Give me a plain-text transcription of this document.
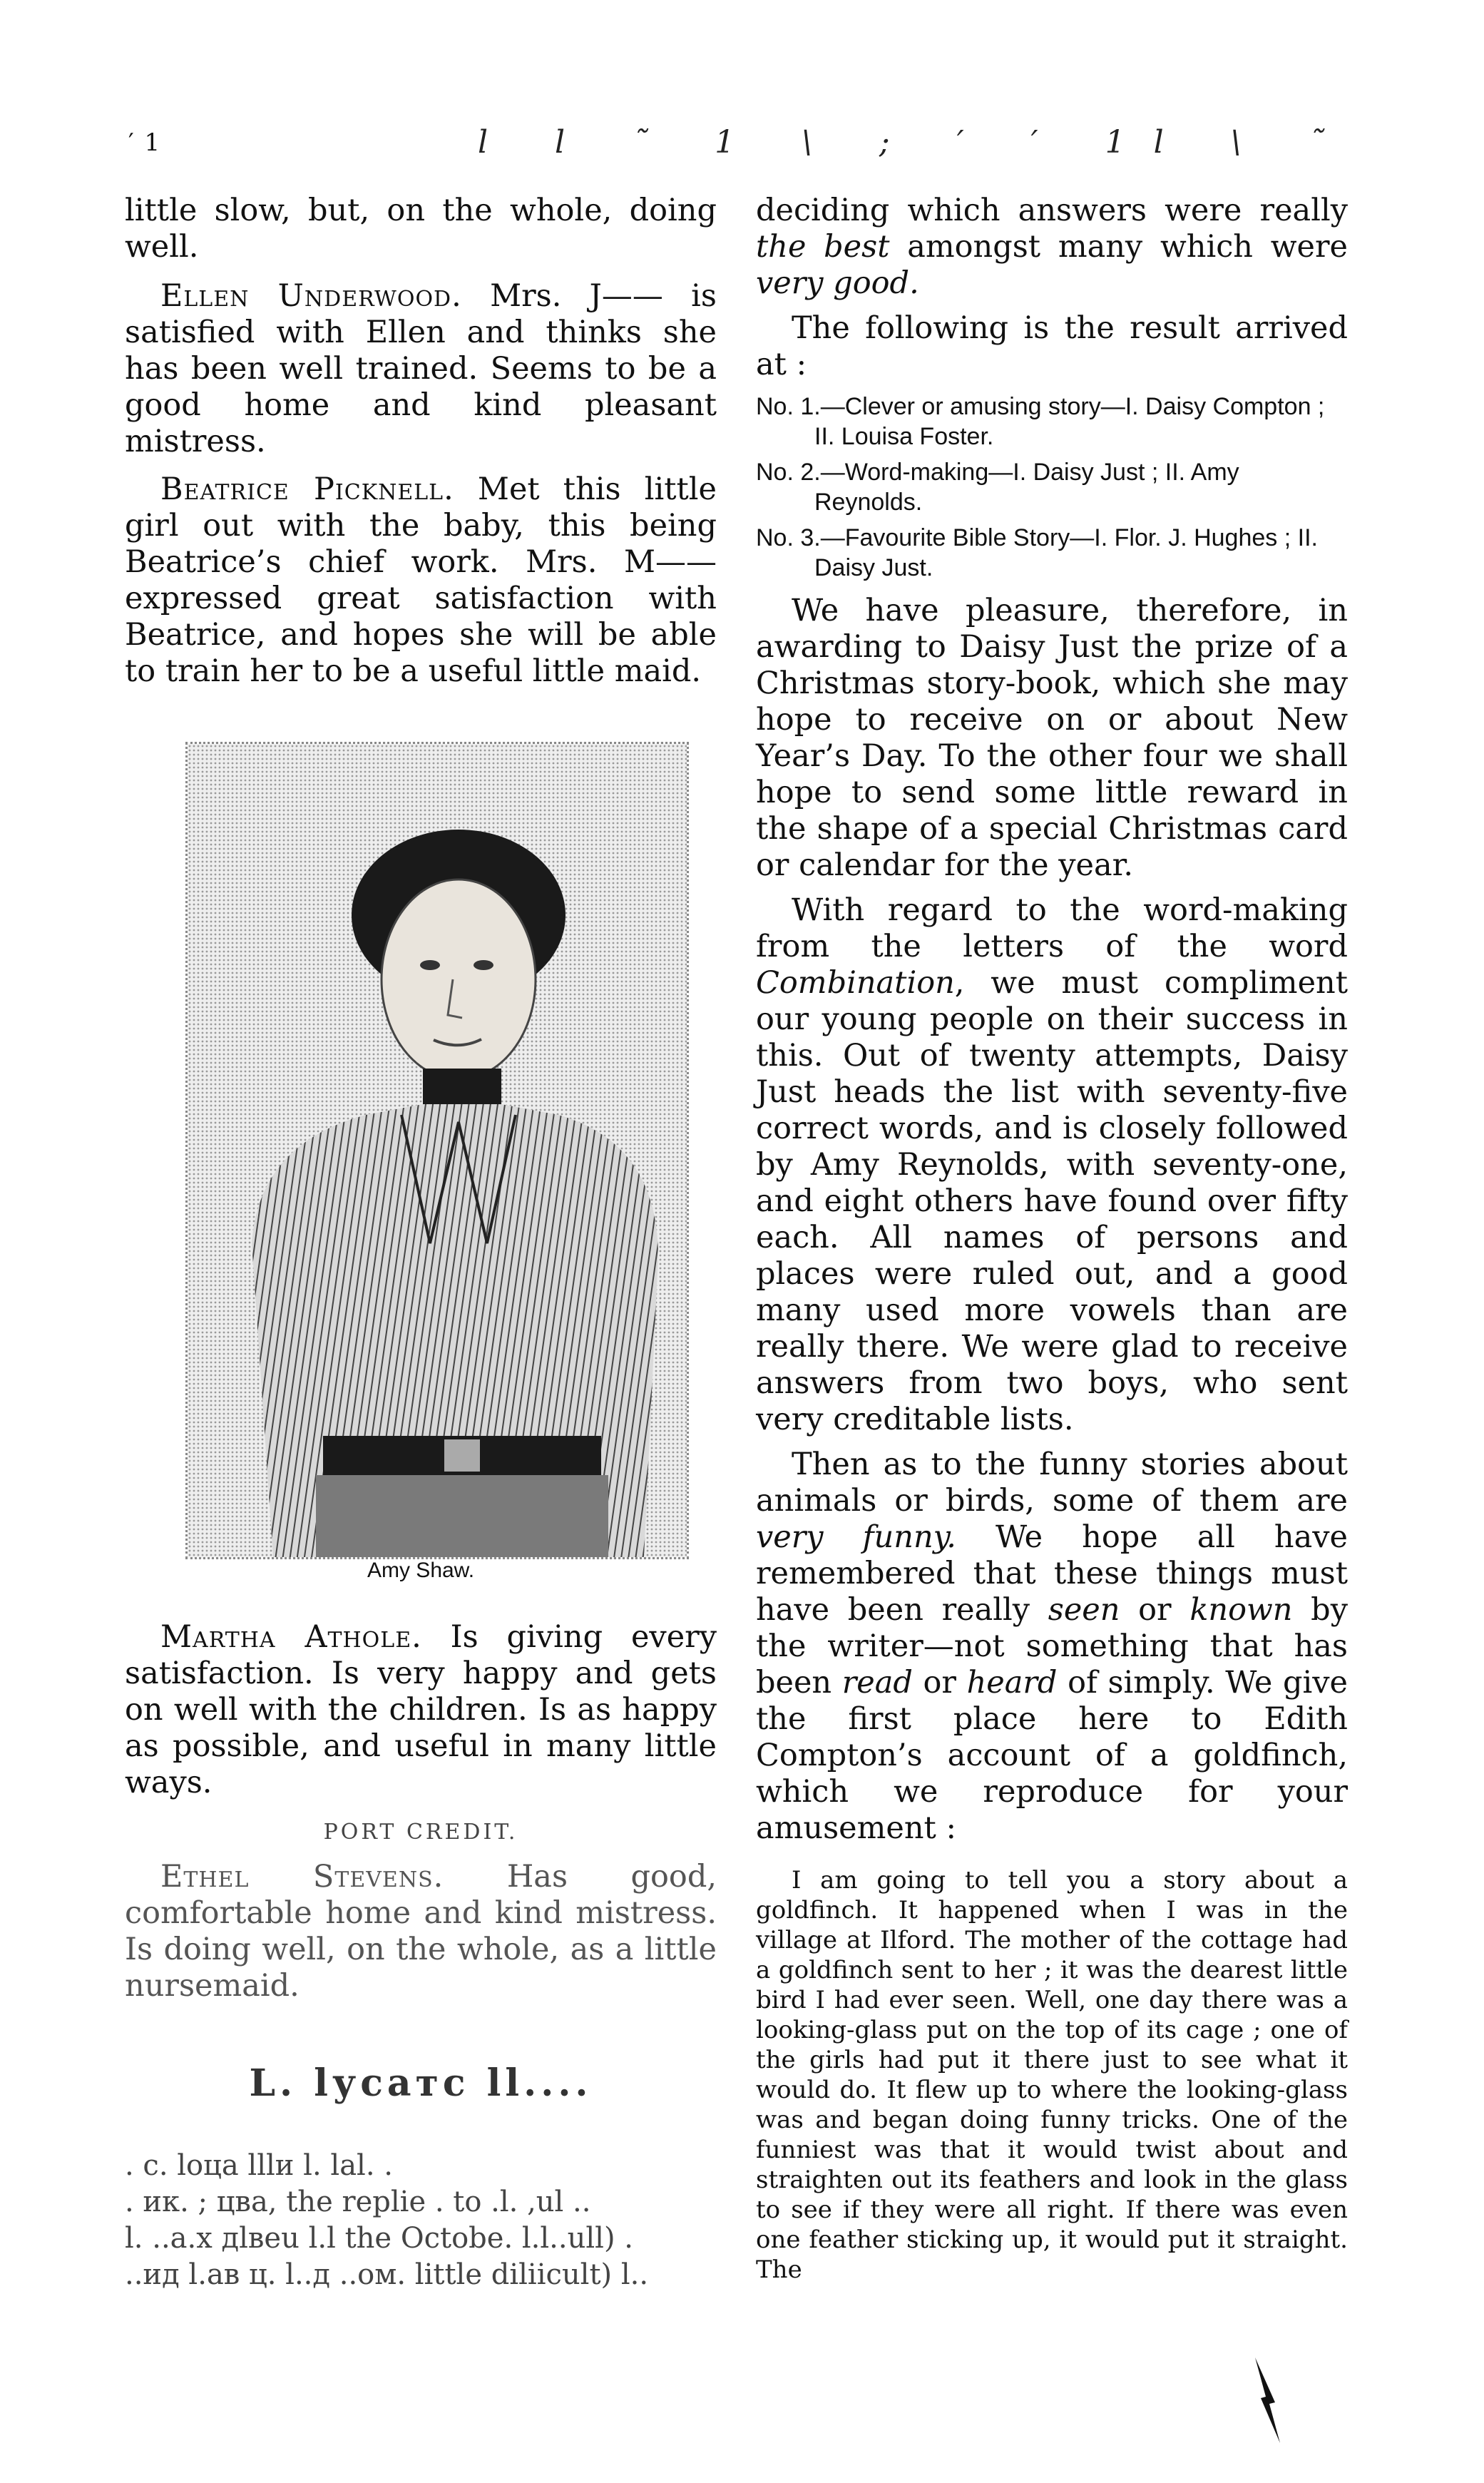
′ 1	l l ˜ 1 \ ; ′ ′ 1l \ ˜

little slow, but, on the whole, doing well.

Ellen Underwood. Mrs. J—— is satisfied with Ellen and thinks she has been well trained. Seems to be a good home and kind pleasant mistress.

Beatrice Picknell. Met this little girl out with the baby, this being Beatrice’s chief work. Mrs. M—— expressed great satisfaction with Beatrice, and hopes she will be able to train her to be a useful little maid.

Amy Shaw.

Martha Athole. Is giving every satisfaction. Is very happy and gets on well with the children. Is as happy as possible, and useful in many little ways.

PORT CREDIT.

Ethel Stevens. Has good, comfortable home and kind mistress. Is doing well, on the whole, as a little nursemaid.

L. lусатс ll....
. с. lоца lllи l. lal. .
. ик. ; цва, the replie . to .l. ,ul ..
l. ..а.х дlвеu l.l the Octobe. l.l..ull) .
..ид l.ав ц. l..д ..ом. little diliicult) l..

deciding which answers were really the best amongst many which were very good.

The following is the result arrived at :

No. 1.—Clever or amusing story—I. Daisy Compton ; II. Louisa Foster.

No. 2.—Word-making—I. Daisy Just ; II. Amy Reynolds.

No. 3.—Favourite Bible Story—I. Flor. J. Hughes ; II. Daisy Just.

We have pleasure, therefore, in awarding to Daisy Just the prize of a Christmas story-book, which she may hope to receive on or about New Year’s Day. To the other four we shall hope to send some little reward in the shape of a special Christmas card or calendar for the year.

With regard to the word-making from the letters of the word Combination, we must compliment our young people on their success in this. Out of twenty attempts, Daisy Just heads the list with seventy-five correct words, and is closely followed by Amy Reynolds, with seventy-one, and eight others have found over fifty each. All names of persons and places were ruled out, and a good many used more vowels than are really there. We were glad to receive answers from two boys, who sent very creditable lists.

Then as to the funny stories about animals or birds, some of them are very funny. We hope all have remembered that these things must have been really seen or known by the writer—not something that has been read or heard of simply. We give the first place here to Edith Compton’s account of a goldfinch, which we reproduce for your amusement :

I am going to tell you a story about a goldfinch. It happened when I was in the village at Ilford. The mother of the cottage had a goldfinch sent to her ; it was the dearest little bird I had ever seen. Well, one day there was a looking-glass put on the top of its cage ; one of the girls had put it there just to see what it would do. It flew up to where the looking-glass was and began doing funny tricks. One of the funniest was that it would twist about and straighten out its feathers and look in the glass to see if they were all right. If there was even one feather sticking up, it would put it straight. The
